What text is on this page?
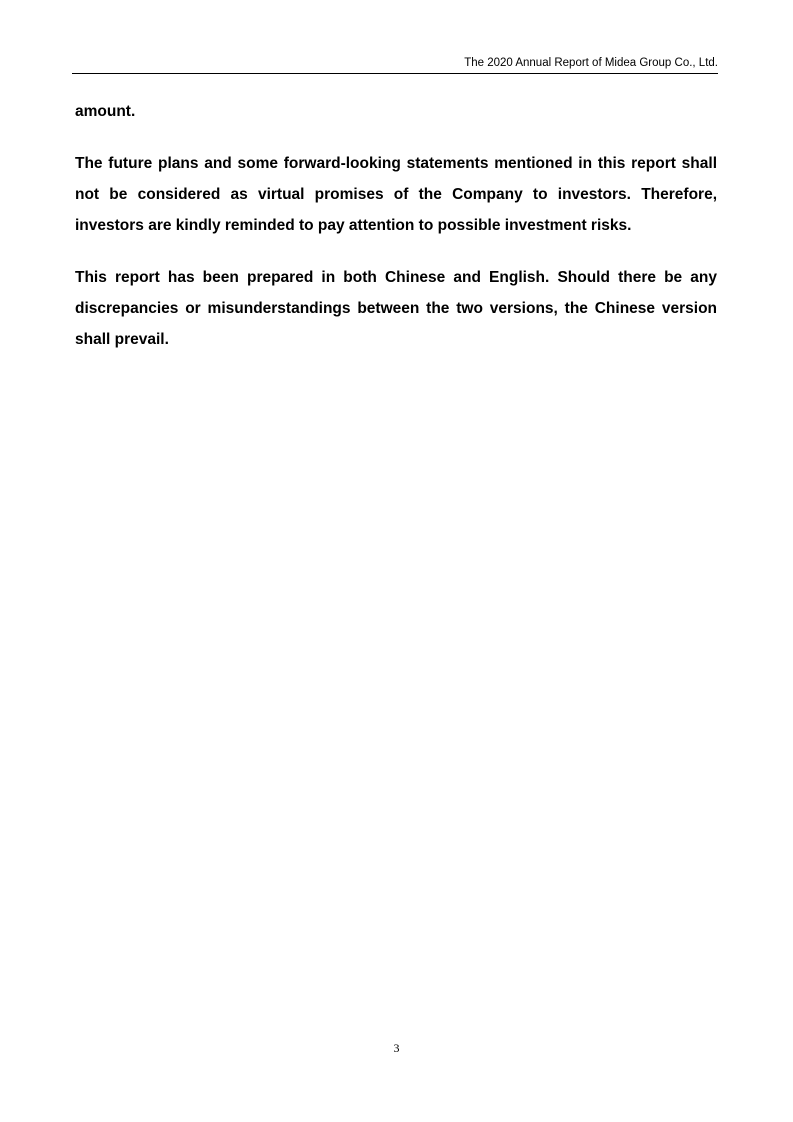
The 2020 Annual Report of Midea Group Co., Ltd.

amount.

The future plans and some forward-looking statements mentioned in this report shall not be considered as virtual promises of the Company to investors. Therefore, investors are kindly reminded to pay attention to possible investment risks.

This report has been prepared in both Chinese and English. Should there be any discrepancies or misunderstandings between the two versions, the Chinese version shall prevail.

3
